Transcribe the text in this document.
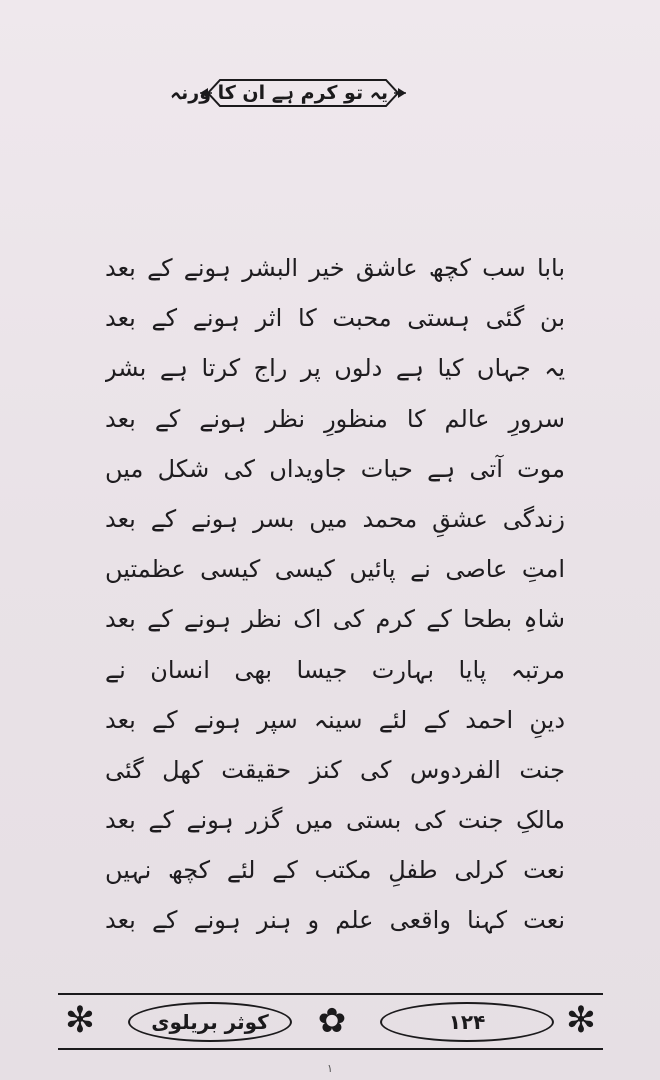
یہ تو کرم ہے ان کا ورنہ
بابا سب کچھ عاشق خیر البشر ہونے کے بعد
بن گئی ہستی محبت کا اثر ہونے کے بعد
یہ جہاں کیا ہے دلوں پر راج کرتا ہے بشر
سرورِ عالم کا منظورِ نظر ہونے کے بعد
موت آتی ہے حیات جاویداں کی شکل میں
زندگی عشقِ محمد میں بسر ہونے کے بعد
امتِ عاصی نے پائیں کیسی کیسی عظمتیں
شاہِ بطحا کے کرم کی اک نظر ہونے کے بعد
مرتبہ پایا بہارت جیسا بھی انسان نے
دینِ احمد کے لئے سینہ سپر ہونے کے بعد
جنت الفردوس کی کنز حقیقت کھل گئی
مالکِ جنت کی بستی میں گزر ہونے کے بعد
نعت کرلی طفلِ مکتب کے لئے کچھ نہیں
نعت کہنا واقعی علم و ہنر ہونے کے بعد
✻	کوثر بریلوی	✿	۱۲۴	✻
۱
